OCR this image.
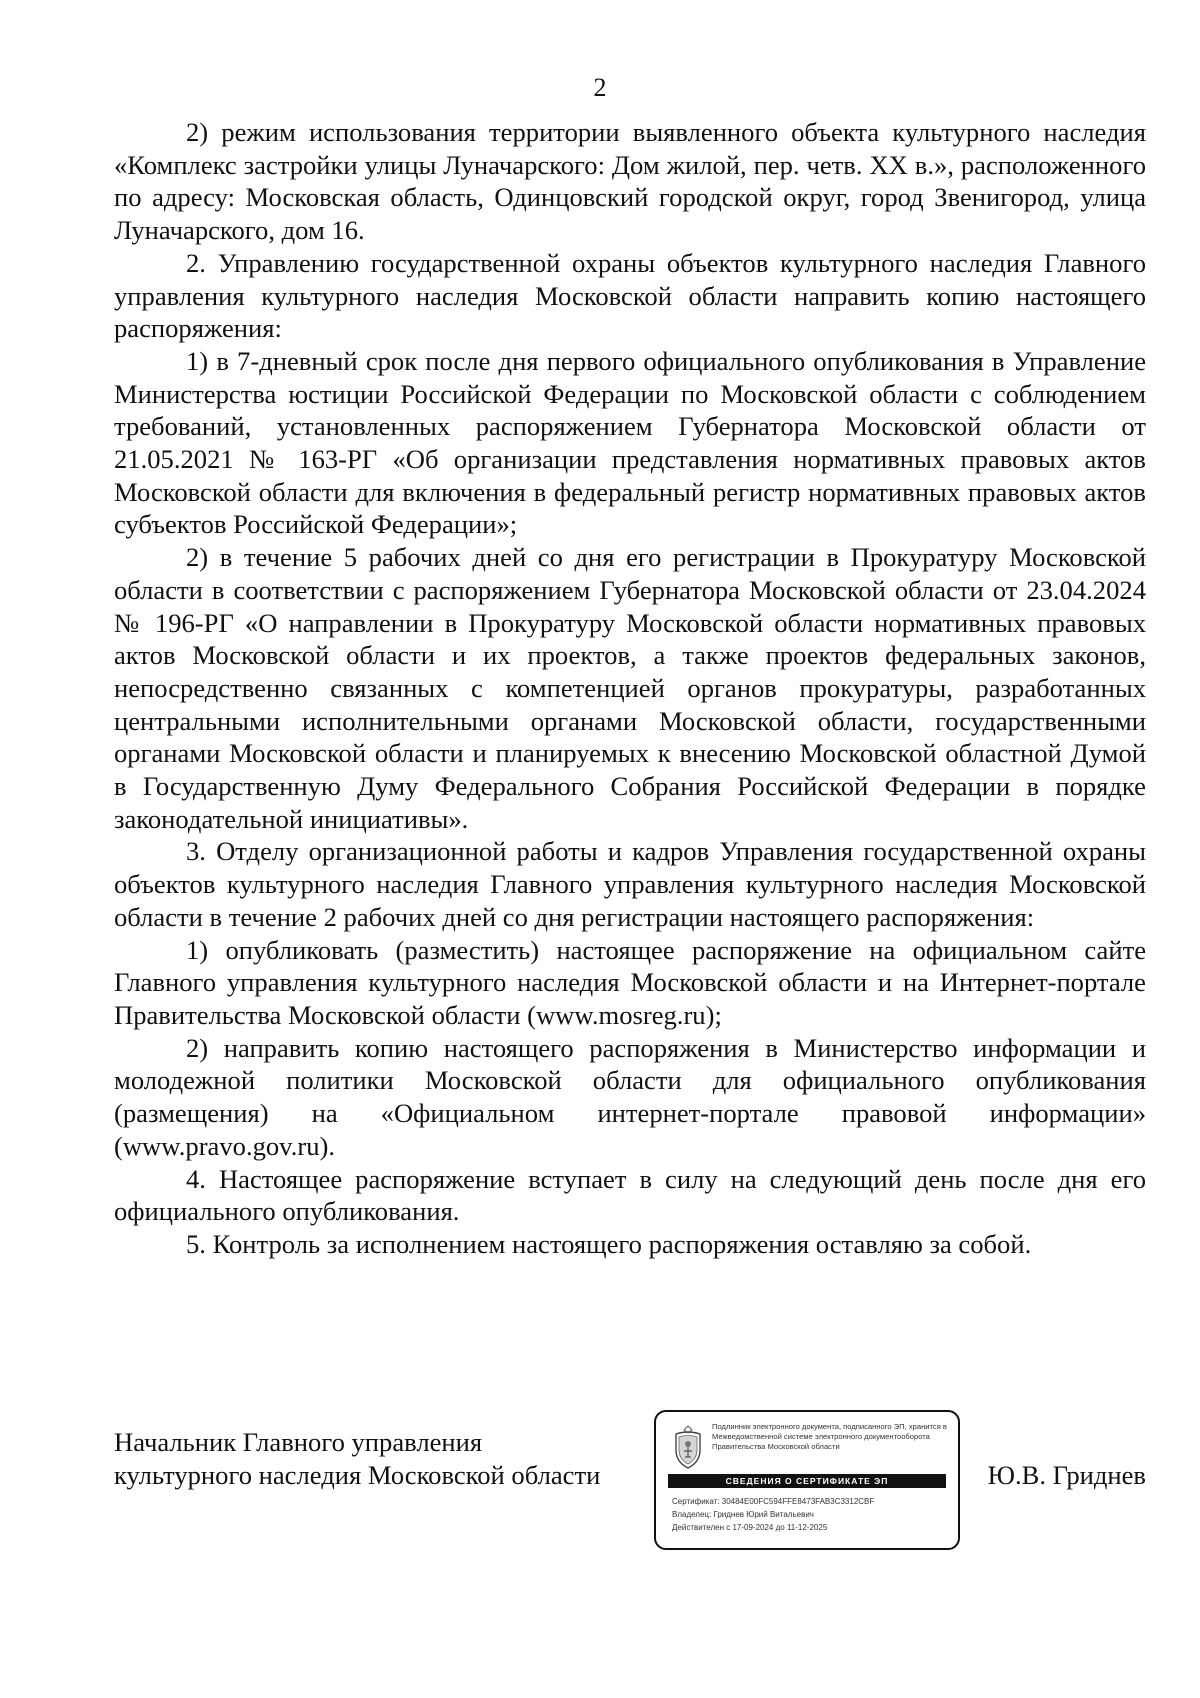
2

2) режим использования территории выявленного объекта культурного наследия «Комплекс застройки улицы Луначарского: Дом жилой, пер. четв. XX в.», расположенного по адресу: Московская область, Одинцовский городской округ, город Звенигород, улица Луначарского, дом 16.

2. Управлению государственной охраны объектов культурного наследия Главного управления культурного наследия Московской области направить копию настоящего распоряжения:

1) в 7-дневный срок после дня первого официального опубликования в Управление Министерства юстиции Российской Федерации по Московской области с соблюдением требований, установленных распоряжением Губернатора Московской области от 21.05.2021 № 163-РГ «Об организации представления нормативных правовых актов Московской области для включения в федеральный регистр нормативных правовых актов субъектов Российской Федерации»;

2) в течение 5 рабочих дней со дня его регистрации в Прокуратуру Московской области в соответствии с распоряжением Губернатора Московской области от 23.04.2024 № 196-РГ «О направлении в Прокуратуру Московской области нормативных правовых актов Московской области и их проектов, а также проектов федеральных законов, непосредственно связанных с компетенцией органов прокуратуры, разработанных центральными исполнительными органами Московской области, государственными органами Московской области и планируемых к внесению Московской областной Думой в Государственную Думу Федерального Собрания Российской Федерации в порядке законодательной инициативы».

3. Отделу организационной работы и кадров Управления государственной охраны объектов культурного наследия Главного управления культурного наследия Московской области в течение 2 рабочих дней со дня регистрации настоящего распоряжения:

1) опубликовать (разместить) настоящее распоряжение на официальном сайте Главного управления культурного наследия Московской области и на Интернет-портале Правительства Московской области (www.mosreg.ru);

2) направить копию настоящего распоряжения в Министерство информации и молодежной политики Московской области для официального опубликования (размещения) на «Официальном интернет-портале правовой информации» (www.pravo.gov.ru).

4. Настоящее распоряжение вступает в силу на следующий день после дня его официального опубликования.

5. Контроль за исполнением настоящего распоряжения оставляю за собой.

Начальник Главного управления
культурного наследия Московской области
Подлинник электронного документа, подписанного ЭП, хранится в Межведомственной системе электронного документооборота Правительства Московской области
СВЕДЕНИЯ О СЕРТИФИКАТЕ ЭП
Сертификат: 30484E00FC594FFE8473FAB3C3312CBF
Владелец: Гриднев Юрий Витальевич
Действителен с 17-09-2024 до 11-12-2025
Ю.В. Гриднев
